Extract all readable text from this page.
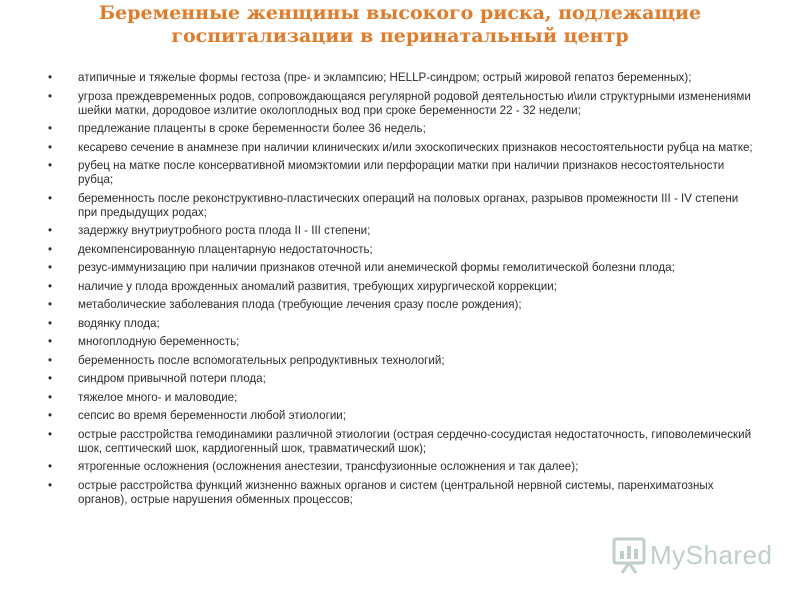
Беременные женщины высокого риска, подлежащие госпитализации в перинатальный центр
• атипичные и тяжелые формы гестоза (пре- и эклампсию; HELLP-синдром; острый жировой гепатоз беременных);
• угроза преждевременных родов, сопровождающаяся регулярной родовой деятельностью и\или структурными изменениями шейки матки, дородовое излитие околоплодных вод при сроке беременности 22 - 32 недели;
• предлежание плаценты в сроке беременности более 36 недель;
• кесарево сечение в анамнезе при наличии клинических и/или эхоскопических признаков несостоятельности рубца на матке;
• рубец на матке после консервативной миомэктомии или перфорации матки при наличии признаков несостоятельности рубца;
• беременность после реконструктивно-пластических операций на половых органах, разрывов промежности III - IV степени при предыдущих родах;
• задержку внутриутробного роста плода II - III степени;
• декомпенсированную плацентарную недостаточность;
• резус-иммунизацию при наличии признаков отечной или анемической формы гемолитической болезни плода;
• наличие у плода врожденных аномалий развития, требующих хирургической коррекции;
• метаболические заболевания плода (требующие лечения сразу после рождения);
• водянку плода;
• многоплодную беременность;
• беременность после вспомогательных репродуктивных технологий;
• синдром привычной потери плода;
• тяжелое много- и маловодие;
• сепсис во время беременности любой этиологии;
• острые расстройства гемодинамики различной этиологии (острая сердечно-сосудистая недостаточность, гиповолемический шок, септический шок, кардиогенный шок, травматический шок);
• ятрогенные осложнения (осложнения анестезии, трансфузионные осложнения и так далее);
• острые расстройства функций жизненно важных органов и систем (центральной нервной системы, паренхиматозных органов), острые нарушения обменных процессов;
MyShared
